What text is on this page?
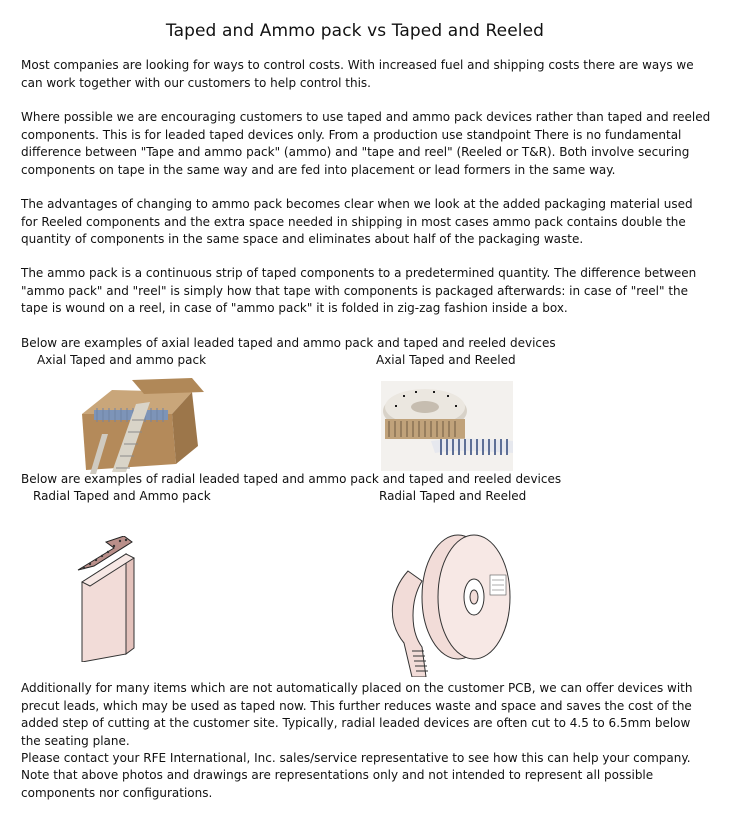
Taped and Ammo pack vs Taped and Reeled

Most companies are looking for ways to control costs. With increased fuel and shipping costs there are ways we can work together with our customers to help control this.

Where possible we are encouraging customers to use taped and ammo pack devices rather than taped and reeled components. This is for leaded taped devices only. From a production use standpoint There is no fundamental difference between "Tape and ammo pack" (ammo) and "tape and reel" (Reeled or T&R). Both involve securing components on tape in the same way and are fed into placement or lead formers in the same way.

The advantages of changing to ammo pack becomes clear when we look at the added packaging material used for Reeled components and the extra space needed in shipping in most cases ammo pack contains double the quantity of components in the same space and eliminates about half of the packaging waste.

The ammo pack is a continuous strip of taped components to a predetermined quantity. The difference between "ammo pack" and "reel" is simply how that tape with components is packaged afterwards: in case of "reel" the tape is wound on a reel, in case of "ammo pack" it is folded in zig-zag fashion inside a box.

Below are examples of axial leaded taped and ammo pack and taped and reeled devices
Axial Taped and ammo pack	Axial Taped and Reeled
Below are examples of radial leaded taped and ammo pack and taped and reeled devices
Radial Taped and Ammo pack	Radial Taped and Reeled

Additionally for many items which are not automatically placed on the customer PCB, we can offer devices with precut leads, which may be used as taped now. This further reduces waste and space and saves the cost of the added step of cutting at the customer site. Typically, radial leaded devices are often cut to 4.5 to 6.5mm below the seating plane.

Please contact your RFE International, Inc. sales/service representative to see how this can help your company.

Note that above photos and drawings are representations only and not intended to represent all possible components nor configurations.
